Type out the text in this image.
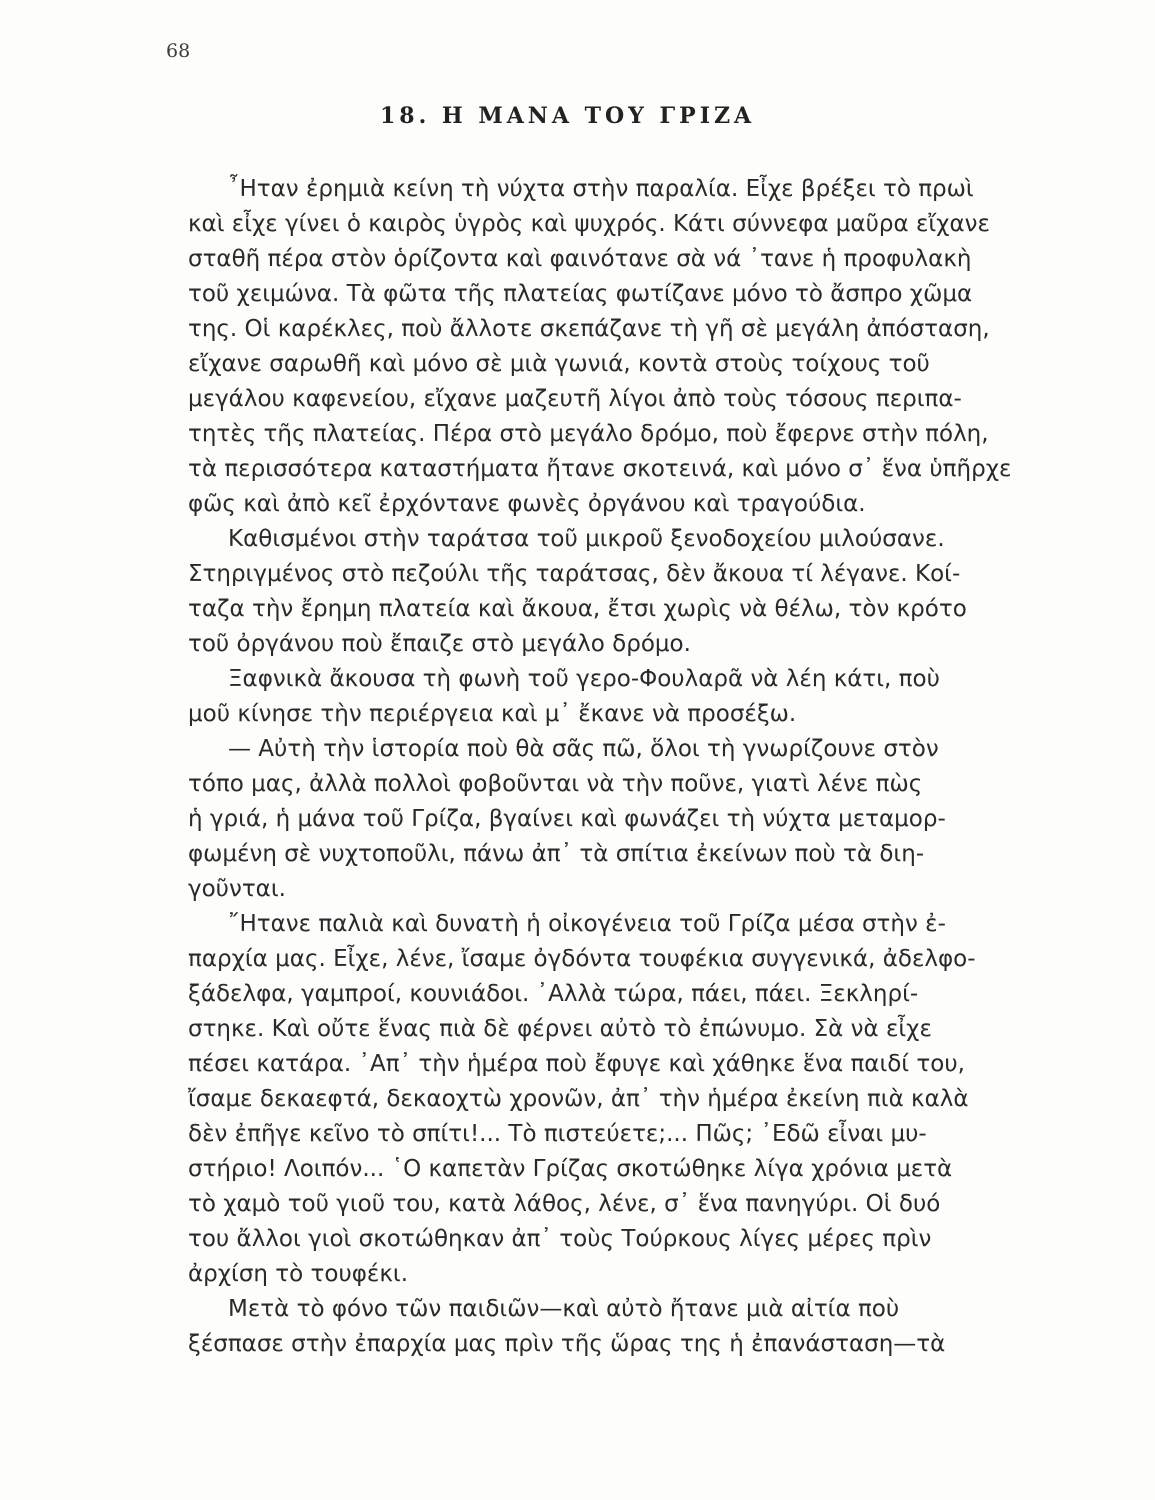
68
18. Η ΜΑΝΑ ΤΟΥ ΓΡΙΖΑ
῏Ηταν ἐρημιὰ κείνη τὴ νύχτα στὴν παραλία. Εἶχε βρέξει τὸ πρωὶ
καὶ εἶχε γίνει ὁ καιρὸς ὑγρὸς καὶ ψυχρός. Κάτι σύννεφα μαῦρα εἴχανε
σταθῆ πέρα στὸν ὁρίζοντα καὶ φαινότανε σὰ νά ᾽τανε ἡ προφυλακὴ
τοῦ χειμώνα. Τὰ φῶτα τῆς πλατείας φωτίζανε μόνο τὸ ἄσπρο χῶμα
της. Οἱ καρέκλες, ποὺ ἄλλοτε σκεπάζανε τὴ γῆ σὲ μεγάλη ἀπόσταση,
εἴχανε σαρωθῆ καὶ μόνο σὲ μιὰ γωνιά, κοντὰ στοὺς τοίχους τοῦ
μεγάλου καφενείου, εἴχανε μαζευτῆ λίγοι ἀπὸ τοὺς τόσους περιπα-
τητὲς τῆς πλατείας. Πέρα στὸ μεγάλο δρόμο, ποὺ ἔφερνε στὴν πόλη,
τὰ περισσότερα καταστήματα ἤτανε σκοτεινά, καὶ μόνο σ᾽ ἕνα ὑπῆρχε
φῶς καὶ ἀπὸ κεῖ ἐρχόντανε φωνὲς ὀργάνου καὶ τραγούδια.
Καθισμένοι στὴν ταράτσα τοῦ μικροῦ ξενοδοχείου μιλούσανε.
Στηριγμένος στὸ πεζούλι τῆς ταράτσας, δὲν ἄκουα τί λέγανε. Κοί-
ταζα τὴν ἔρημη πλατεία καὶ ἄκουα, ἔτσι χωρὶς νὰ θέλω, τὸν κρότο
τοῦ ὀργάνου ποὺ ἔπαιζε στὸ μεγάλο δρόμο.
Ξαφνικὰ ἄκουσα τὴ φωνὴ τοῦ γερο-Φουλαρᾶ νὰ λέη κάτι, ποὺ
μοῦ κίνησε τὴν περιέργεια καὶ μ᾽ ἔκανε νὰ προσέξω.
— Αὐτὴ τὴν ἱστορία ποὺ θὰ σᾶς πῶ, ὅλοι τὴ γνωρίζουνε στὸν
τόπο μας, ἀλλὰ πολλοὶ φοβοῦνται νὰ τὴν ποῦνε, γιατὶ λένε πὼς
ἡ γριά, ἡ μάνα τοῦ Γρίζα, βγαίνει καὶ φωνάζει τὴ νύχτα μεταμορ-
φωμένη σὲ νυχτοποῦλι, πάνω ἀπ᾽ τὰ σπίτια ἐκείνων ποὺ τὰ διη-
γοῦνται.
῎Ητανε παλιὰ καὶ δυνατὴ ἡ οἰκογένεια τοῦ Γρίζα μέσα στὴν ἐ-
παρχία μας. Εἶχε, λένε, ἴσαμε ὀγδόντα τουφέκια συγγενικά, ἀδελφο-
ξάδελφα, γαμπροί, κουνιάδοι. ᾽Αλλὰ τώρα, πάει, πάει. Ξεκληρί-
στηκε. Καὶ οὔτε ἕνας πιὰ δὲ φέρνει αὐτὸ τὸ ἐπώνυμο. Σὰ νὰ εἶχε
πέσει κατάρα. ᾽Απ᾽ τὴν ἡμέρα ποὺ ἔφυγε καὶ χάθηκε ἕνα παιδί του,
ἴσαμε δεκαεφτά, δεκαοχτὼ χρονῶν, ἀπ᾽ τὴν ἡμέρα ἐκείνη πιὰ καλὰ
δὲν ἐπῆγε κεῖνο τὸ σπίτι!... Τὸ πιστεύετε;... Πῶς; ᾽Εδῶ εἶναι μυ-
στήριο! Λοιπόν... ῾Ο καπετὰν Γρίζας σκοτώθηκε λίγα χρόνια μετὰ
τὸ χαμὸ τοῦ γιοῦ του, κατὰ λάθος, λένε, σ᾽ ἕνα πανηγύρι. Οἱ δυό
του ἄλλοι γιοὶ σκοτώθηκαν ἀπ᾽ τοὺς Τούρκους λίγες μέρες πρὶν
ἀρχίση τὸ τουφέκι.
Μετὰ τὸ φόνο τῶν παιδιῶν—καὶ αὐτὸ ἤτανε μιὰ αἰτία ποὺ
ξέσπασε στὴν ἐπαρχία μας πρὶν τῆς ὥρας της ἡ ἐπανάσταση—τὰ
